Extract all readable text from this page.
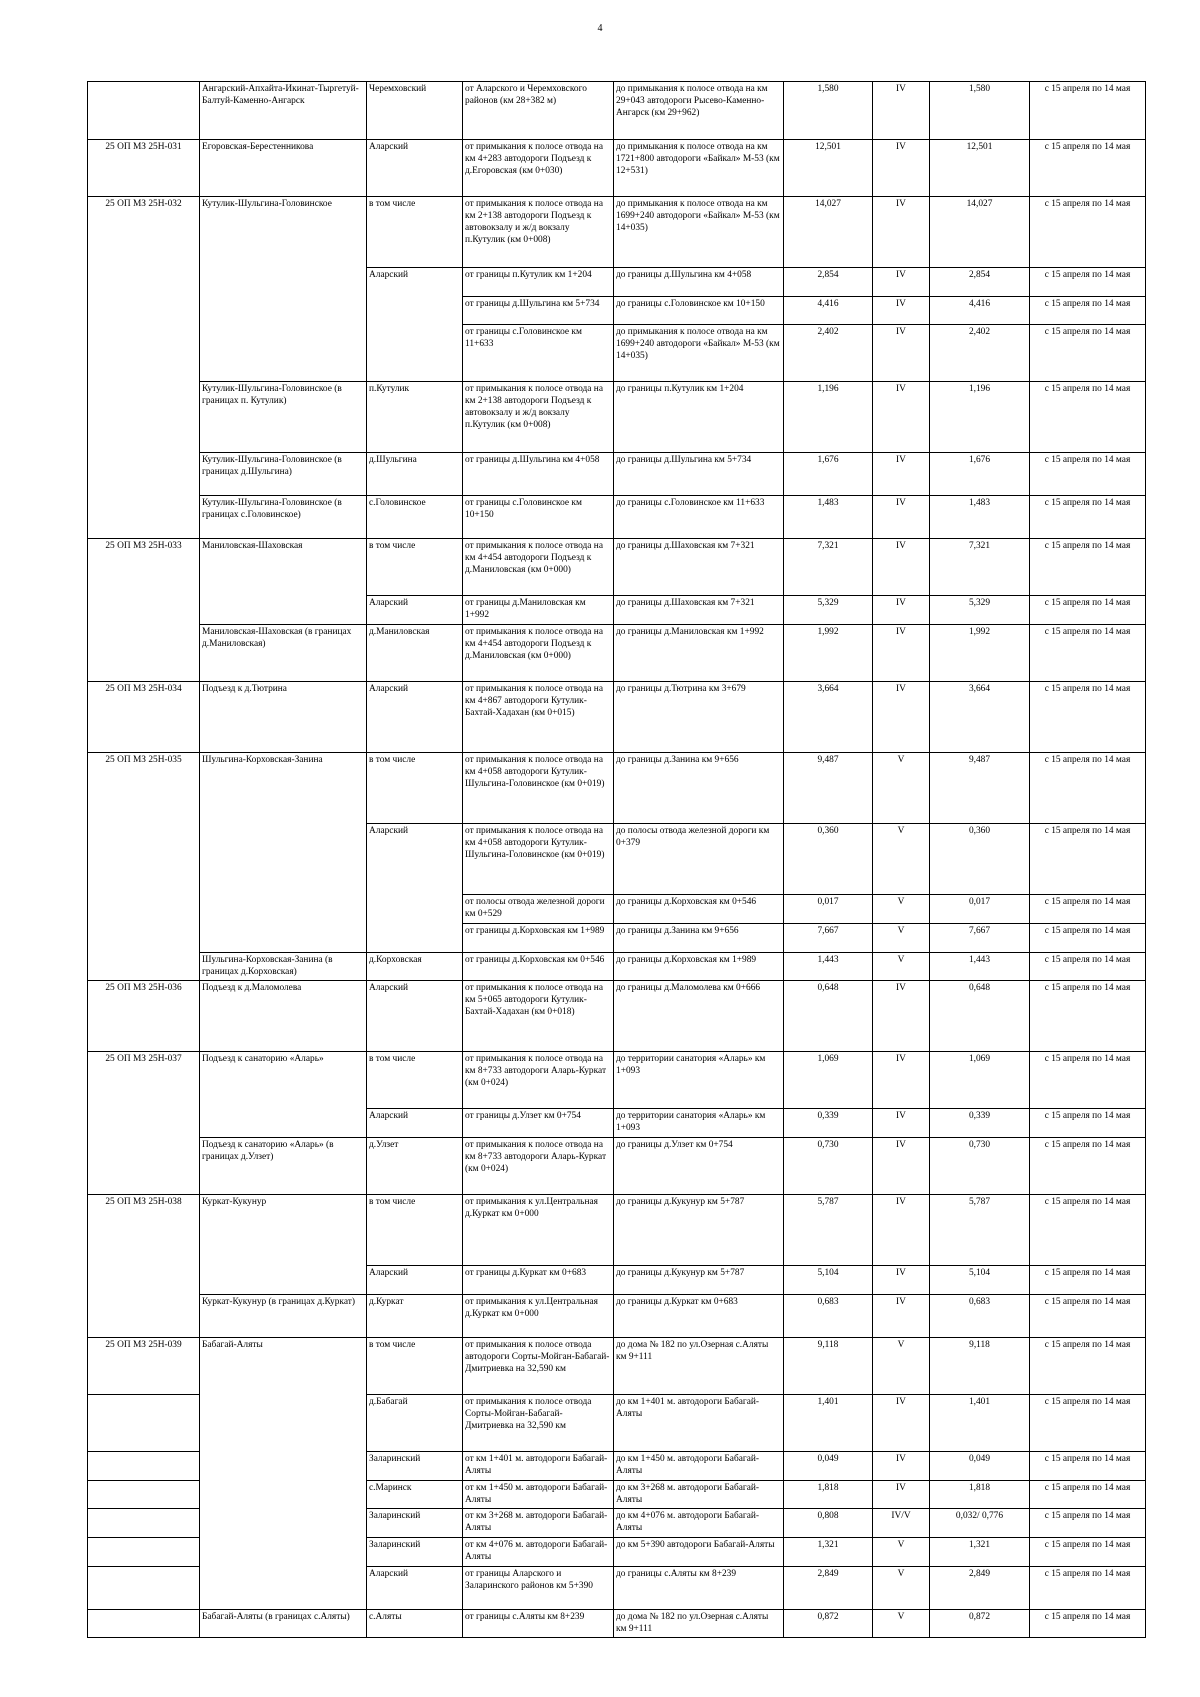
4
	Ангарский-Апхайта-Икинат-Тыргетуй-Балтуй-Каменно-Ангарск	Черемховский	от Аларского и Черемховского районов (км 28+382 м)	до примыкания к полосе отвода на км 29+043 автодороги Рысево-Каменно-Ангарск (км 29+962)	1,580	IV	1,580	с 15 апреля по 14 мая
25 ОП МЗ 25Н-031	Егоровская-Берестенникова	Аларский	от примыкания к полосе отвода на км 4+283 автодороги Подъезд к д.Егоровская (км 0+030)	до примыкания к полосе отвода на км 1721+800 автодороги «Байкал» М-53 (км 12+531)	12,501	IV	12,501	с 15 апреля по 14 мая
25 ОП МЗ 25Н-032	Кутулик-Шульгина-Головинское	в том числе	от примыкания к полосе отвода на км 2+138 автодороги Подъезд к автовокзалу и ж/д вокзалу п.Кутулик (км 0+008)	до примыкания к полосе отвода на км 1699+240 автодороги «Байкал» М-53 (км 14+035)	14,027	IV	14,027	с 15 апреля по 14 мая
		Аларский	от границы п.Кутулик км 1+204	до границы д.Шульгина км 4+058	2,854	IV	2,854	с 15 апреля по 14 мая
			от границы д.Шульгина км 5+734	до границы с.Головинское км 10+150	4,416	IV	4,416	с 15 апреля по 14 мая
			от границы с.Головинское км 11+633	до примыкания к полосе отвода на км 1699+240 автодороги «Байкал» М-53 (км 14+035)	2,402	IV	2,402	с 15 апреля по 14 мая
	Кутулик-Шульгина-Головинское (в границах п. Кутулик)	п.Кутулик	от примыкания к полосе отвода на км 2+138 автодороги Подъезд к автовокзалу и ж/д вокзалу п.Кутулик (км 0+008)	до границы п.Кутулик км 1+204	1,196	IV	1,196	с 15 апреля по 14 мая
	Кутулик-Шульгина-Головинское (в границах д.Шульгина)	д.Шульгина	от границы д.Шульгина км 4+058	до границы д.Шульгина км 5+734	1,676	IV	1,676	с 15 апреля по 14 мая
	Кутулик-Шульгина-Головинское (в границах с.Головинское)	с.Головинское	от границы с.Головинское км 10+150	до границы с.Головинское км 11+633	1,483	IV	1,483	с 15 апреля по 14 мая
25 ОП МЗ 25Н-033	Маниловская-Шаховская	в том числе	от примыкания к полосе отвода на км 4+454 автодороги Подъезд к д.Маниловская (км 0+000)	до границы д.Шаховская км 7+321	7,321	IV	7,321	с 15 апреля по 14 мая
		Аларский	от границы д.Маниловская км 1+992	до границы д.Шаховская км 7+321	5,329	IV	5,329	с 15 апреля по 14 мая
	Маниловская-Шаховская (в границах д.Маниловская)	д.Маниловская	от примыкания к полосе отвода на км 4+454 автодороги Подъезд к д.Маниловская (км 0+000)	до границы д.Маниловская км 1+992	1,992	IV	1,992	с 15 апреля по 14 мая
25 ОП МЗ 25Н-034	Подъезд к д.Тютрина	Аларский	от примыкания к полосе отвода на км 4+867 автодороги Кутулик-Бахтай-Хадахан (км 0+015)	до границы д.Тютрина км 3+679	3,664	IV	3,664	с 15 апреля по 14 мая
25 ОП МЗ 25Н-035	Шульгина-Корховская-Занина	в том числе	от примыкания к полосе отвода на км 4+058 автодороги Кутулик-Шульгина-Головинское (км 0+019)	до границы д.Занина км 9+656	9,487	V	9,487	с 15 апреля по 14 мая
		Аларский	от примыкания к полосе отвода на км 4+058 автодороги Кутулик-Шульгина-Головинское (км 0+019)	до полосы отвода железной дороги км 0+379	0,360	V	0,360	с 15 апреля по 14 мая
			от полосы отвода железной дороги км 0+529	до границы д.Корховская км 0+546	0,017	V	0,017	с 15 апреля по 14 мая
			от границы д.Корховская км 1+989	до границы д.Занина км 9+656	7,667	V	7,667	с 15 апреля по 14 мая
	Шульгина-Корховская-Занина (в границах д.Корховская)	д.Корховская	от границы д.Корховская км 0+546	до границы д.Корховская км 1+989	1,443	V	1,443	с 15 апреля по 14 мая
25 ОП МЗ 25Н-036	Подъезд к д.Маломолева	Аларский	от примыкания к полосе отвода на км 5+065 автодороги Кутулик-Бахтай-Хадахан (км 0+018)	до границы д.Маломолева км 0+666	0,648	IV	0,648	с 15 апреля по 14 мая
25 ОП МЗ 25Н-037	Подъезд к санаторию «Аларь»	в том числе	от примыкания к полосе отвода на км 8+733 автодороги Аларь-Куркат (км 0+024)	до территории санатория «Аларь» км 1+093	1,069	IV	1,069	с 15 апреля по 14 мая
		Аларский	от границы д.Улзет км 0+754	до территории санатория «Аларь» км 1+093	0,339	IV	0,339	с 15 апреля по 14 мая
	Подъезд к санаторию «Аларь» (в границах д.Улзет)	д.Улзет	от примыкания к полосе отвода на км 8+733 автодороги Аларь-Куркат (км 0+024)	до границы д.Улзет км 0+754	0,730	IV	0,730	с 15 апреля по 14 мая
25 ОП МЗ 25Н-038	Куркат-Кукунур	в том числе	от примыкания к ул.Центральная д.Куркат км 0+000	до границы д.Кукунур км 5+787	5,787	IV	5,787	с 15 апреля по 14 мая
		Аларский	от границы д.Куркат км 0+683	до границы д.Кукунур км 5+787	5,104	IV	5,104	с 15 апреля по 14 мая
	Куркат-Кукунур (в границах д.Куркат)	д.Куркат	от примыкания к ул.Центральная д.Куркат км 0+000	до границы д.Куркат км 0+683	0,683	IV	0,683	с 15 апреля по 14 мая
25 ОП МЗ 25Н-039	Бабагай-Аляты	в том числе	от примыкания к полосе отвода автодороги Сорты-Мойган-Бабагай-Дмитриевка на 32,590 км	до дома № 182 по ул.Озерная с.Аляты км 9+111	9,118	V	9,118	с 15 апреля по 14 мая
		д.Бабагай	от примыкания к полосе отвода Сорты-Мойган-Бабагай-Дмитриевка на 32,590 км	до км 1+401 м. автодороги Бабагай-Аляты	1,401	IV	1,401	с 15 апреля по 14 мая
		Заларинский	от км 1+401 м. автодороги Бабагай-Аляты	до км 1+450 м. автодороги Бабагай-Аляты	0,049	IV	0,049	с 15 апреля по 14 мая
		с.Маринск	от км 1+450 м. автодороги Бабагай-Аляты	до км 3+268 м. автодороги Бабагай-Аляты	1,818	IV	1,818	с 15 апреля по 14 мая
		Заларинский	от км 3+268 м. автодороги Бабагай-Аляты	до км 4+076 м. автодороги Бабагай-Аляты	0,808	IV/V	0,032/ 0,776	с 15 апреля по 14 мая
		Заларинский	от км 4+076 м. автодороги Бабагай-Аляты	до км 5+390 автодороги Бабагай-Аляты	1,321	V	1,321	с 15 апреля по 14 мая
		Аларский	от границы Аларского и Заларинского районов км 5+390	до границы с.Аляты км 8+239	2,849	V	2,849	с 15 апреля по 14 мая
	Бабагай-Аляты (в границах с.Аляты)	с.Аляты	от границы с.Аляты км 8+239	до дома № 182 по ул.Озерная с.Аляты км 9+111	0,872	V	0,872	с 15 апреля по 14 мая
